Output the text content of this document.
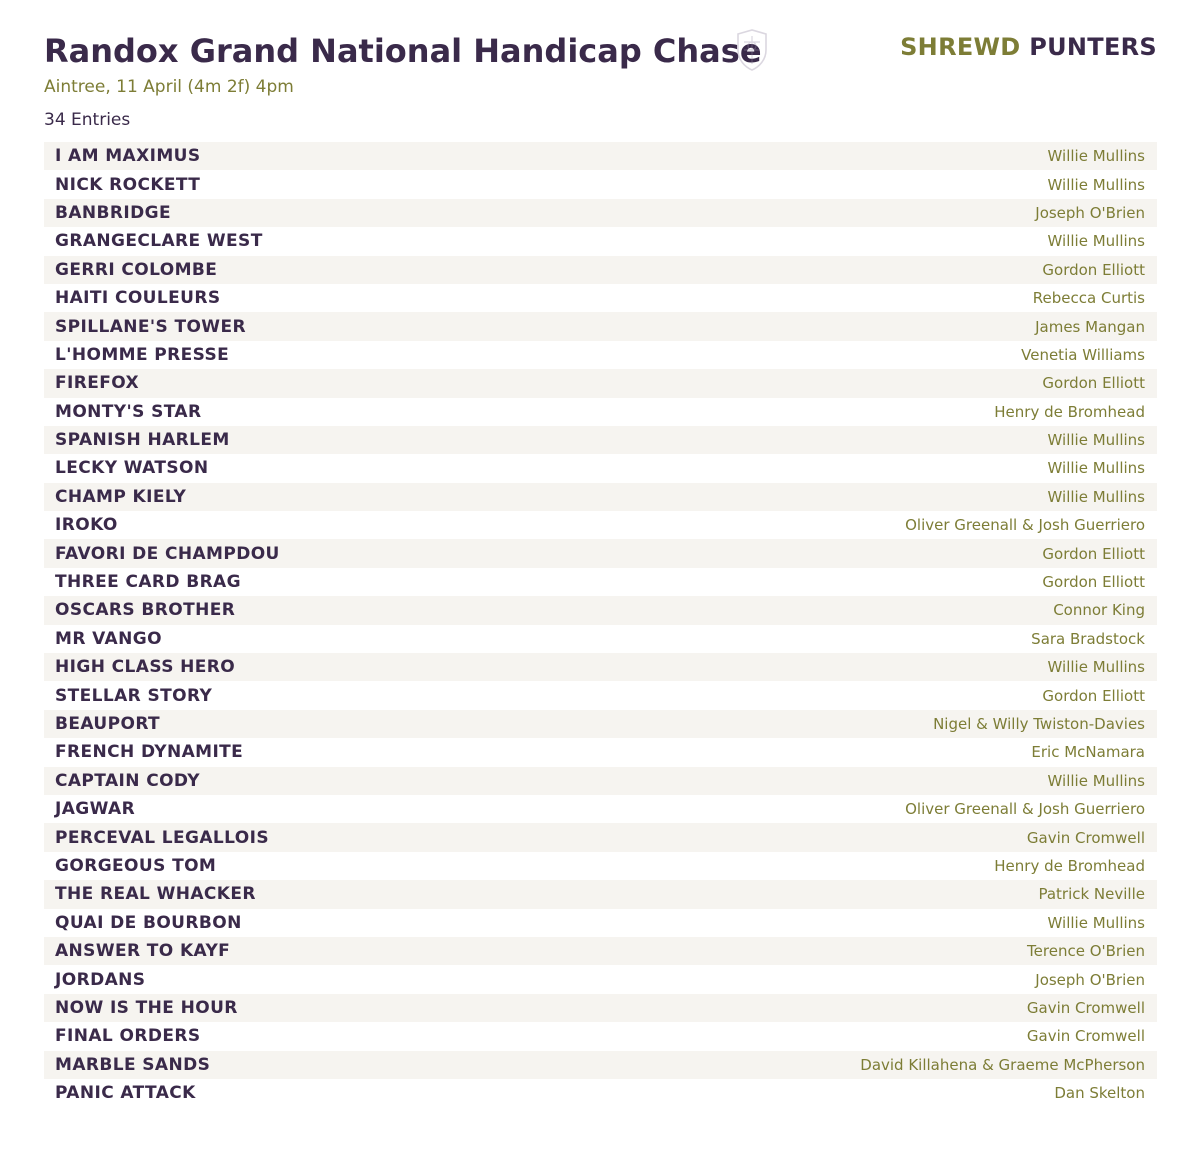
Randox Grand National Handicap Chase	SHREWD PUNTERS
Aintree, 11 April (4m 2f) 4pm
34 Entries
I AM MAXIMUS	Willie Mullins
NICK ROCKETT	Willie Mullins
BANBRIDGE	Joseph O'Brien
GRANGECLARE WEST	Willie Mullins
GERRI COLOMBE	Gordon Elliott
HAITI COULEURS	Rebecca Curtis
SPILLANE'S TOWER	James Mangan
L'HOMME PRESSE	Venetia Williams
FIREFOX	Gordon Elliott
MONTY'S STAR	Henry de Bromhead
SPANISH HARLEM	Willie Mullins
LECKY WATSON	Willie Mullins
CHAMP KIELY	Willie Mullins
IROKO	Oliver Greenall & Josh Guerriero
FAVORI DE CHAMPDOU	Gordon Elliott
THREE CARD BRAG	Gordon Elliott
OSCARS BROTHER	Connor King
MR VANGO	Sara Bradstock
HIGH CLASS HERO	Willie Mullins
STELLAR STORY	Gordon Elliott
BEAUPORT	Nigel & Willy Twiston-Davies
FRENCH DYNAMITE	Eric McNamara
CAPTAIN CODY	Willie Mullins
JAGWAR	Oliver Greenall & Josh Guerriero
PERCEVAL LEGALLOIS	Gavin Cromwell
GORGEOUS TOM	Henry de Bromhead
THE REAL WHACKER	Patrick Neville
QUAI DE BOURBON	Willie Mullins
ANSWER TO KAYF	Terence O'Brien
JORDANS	Joseph O'Brien
NOW IS THE HOUR	Gavin Cromwell
FINAL ORDERS	Gavin Cromwell
MARBLE SANDS	David Killahena & Graeme McPherson
PANIC ATTACK	Dan Skelton
